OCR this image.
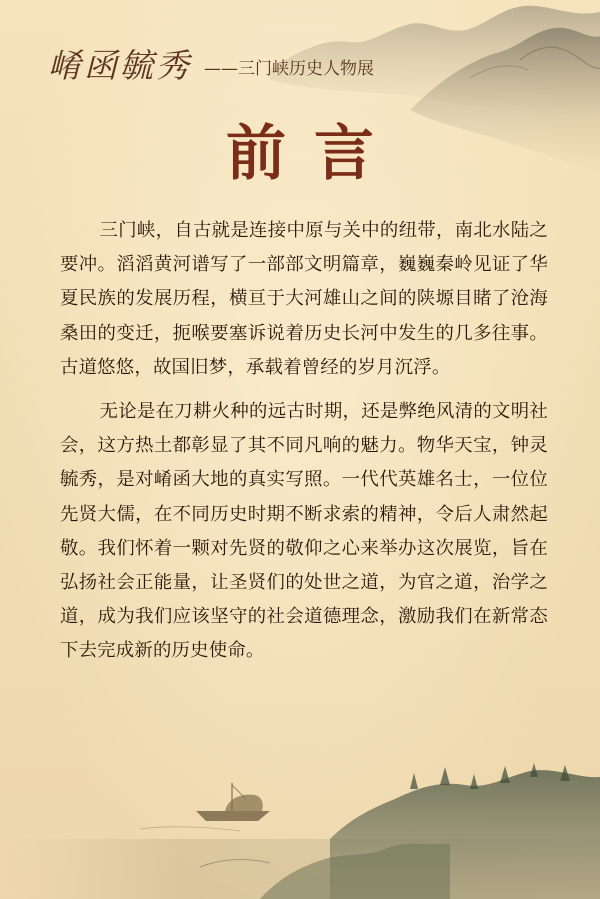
崤函毓秀 ——三门峡历史人物展
前言

三门峡，自古就是连接中原与关中的纽带，南北水陆之要冲。滔滔黄河谱写了一部部文明篇章，巍巍秦岭见证了华夏民族的发展历程，横亘于大河雄山之间的陕塬目睹了沧海桑田的变迁，扼喉要塞诉说着历史长河中发生的几多往事。古道悠悠，故国旧梦，承载着曾经的岁月沉浮。

无论是在刀耕火种的远古时期，还是弊绝风清的文明社会，这方热土都彰显了其不同凡响的魅力。物华天宝，钟灵毓秀，是对崤函大地的真实写照。一代代英雄名士，一位位先贤大儒，在不同历史时期不断求索的精神，令后人肃然起敬。我们怀着一颗对先贤的敬仰之心来举办这次展览，旨在弘扬社会正能量，让圣贤们的处世之道，为官之道，治学之道，成为我们应该坚守的社会道德理念，激励我们在新常态下去完成新的历史使命。
